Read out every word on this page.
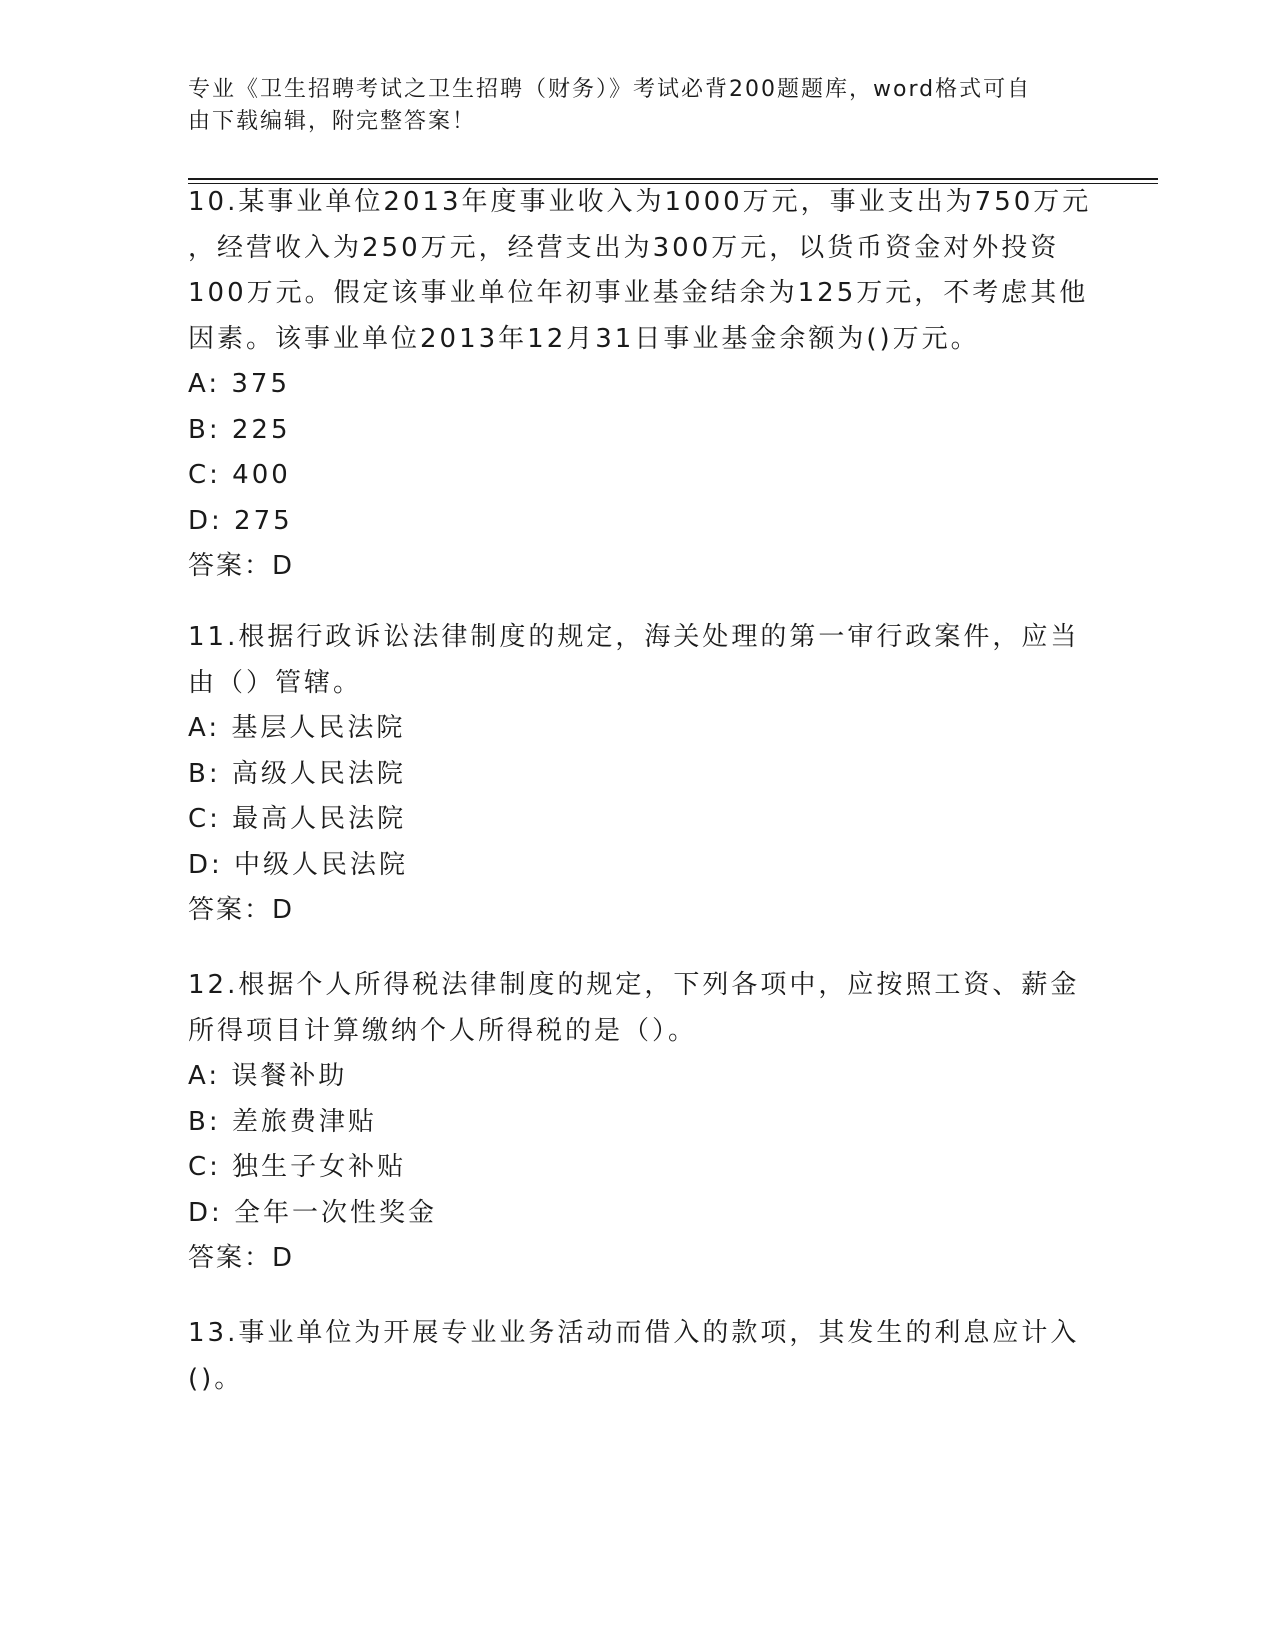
专业《卫生招聘考试之卫生招聘（财务）》考试必背200题题库，word格式可自
由下载编辑，附完整答案！
10.某事业单位2013年度事业收入为1000万元，事业支出为750万元
，经营收入为250万元，经营支出为300万元，以货币资金对外投资
100万元。假定该事业单位年初事业基金结余为125万元，不考虑其他
因素。该事业单位2013年12月31日事业基金余额为()万元。
A: 375
B: 225
C: 400
D: 275
答案：D
11.根据行政诉讼法律制度的规定，海关处理的第一审行政案件，应当
由（）管辖。
A: 基层人民法院
B: 高级人民法院
C: 最高人民法院
D: 中级人民法院
答案：D
12.根据个人所得税法律制度的规定，下列各项中，应按照工资、薪金
所得项目计算缴纳个人所得税的是（）。
A: 误餐补助
B: 差旅费津贴
C: 独生子女补贴
D: 全年一次性奖金
答案：D
13.事业单位为开展专业业务活动而借入的款项，其发生的利息应计入
()。
